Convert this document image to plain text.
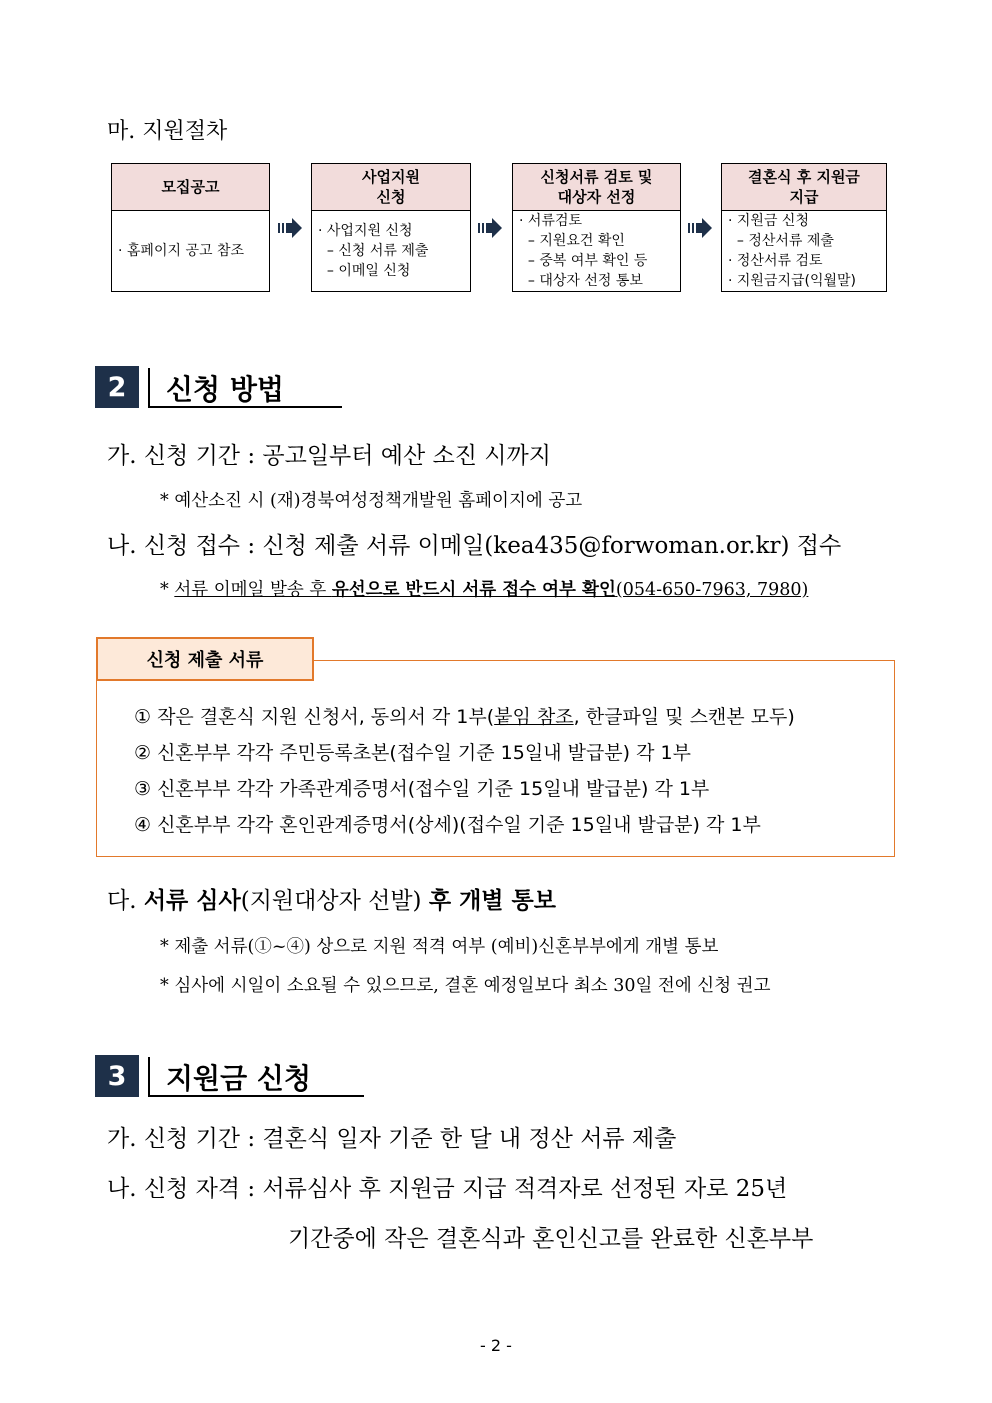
마. 지원절차
모집공고
· 홈페이지 공고 참조
사업지원
신청
· 사업지원 신청
– 신청 서류 제출
– 이메일 신청
신청서류 검토 및
대상자 선정
· 서류검토
– 지원요건 확인
– 중복 여부 확인 등
– 대상자 선정 통보
결혼식 후 지원금
지급
· 지원금 신청
– 정산서류 제출
· 정산서류 검토
· 지원금지급(익월말)
2	신청 방법
가. 신청 기간 : 공고일부터 예산 소진 시까지
* 예산소진 시 (재)경북여성정책개발원 홈페이지에 공고
나. 신청 접수 : 신청 제출 서류 이메일(kea435@forwoman.or.kr) 접수
* 서류 이메일 발송 후 유선으로 반드시 서류 접수 여부 확인(054-650-7963, 7980)
신청 제출 서류
① 작은 결혼식 지원 신청서, 동의서 각 1부(붙임 참조, 한글파일 및 스캔본 모두)
② 신혼부부 각각 주민등록초본(접수일 기준 15일내 발급분) 각 1부
③ 신혼부부 각각 가족관계증명서(접수일 기준 15일내 발급분) 각 1부
④ 신혼부부 각각 혼인관계증명서(상세)(접수일 기준 15일내 발급분) 각 1부
다. 서류 심사(지원대상자 선발) 후 개별 통보
* 제출 서류(①~④) 상으로 지원 적격 여부 (예비)신혼부부에게 개별 통보
* 심사에 시일이 소요될 수 있으므로, 결혼 예정일보다 최소 30일 전에 신청 권고
3	지원금 신청
가. 신청 기간 : 결혼식 일자 기준 한 달 내 정산 서류 제출
나. 신청 자격 : 서류심사 후 지원금 지급 적격자로 선정된 자로 25년
기간중에 작은 결혼식과 혼인신고를 완료한 신혼부부
- 2 -
